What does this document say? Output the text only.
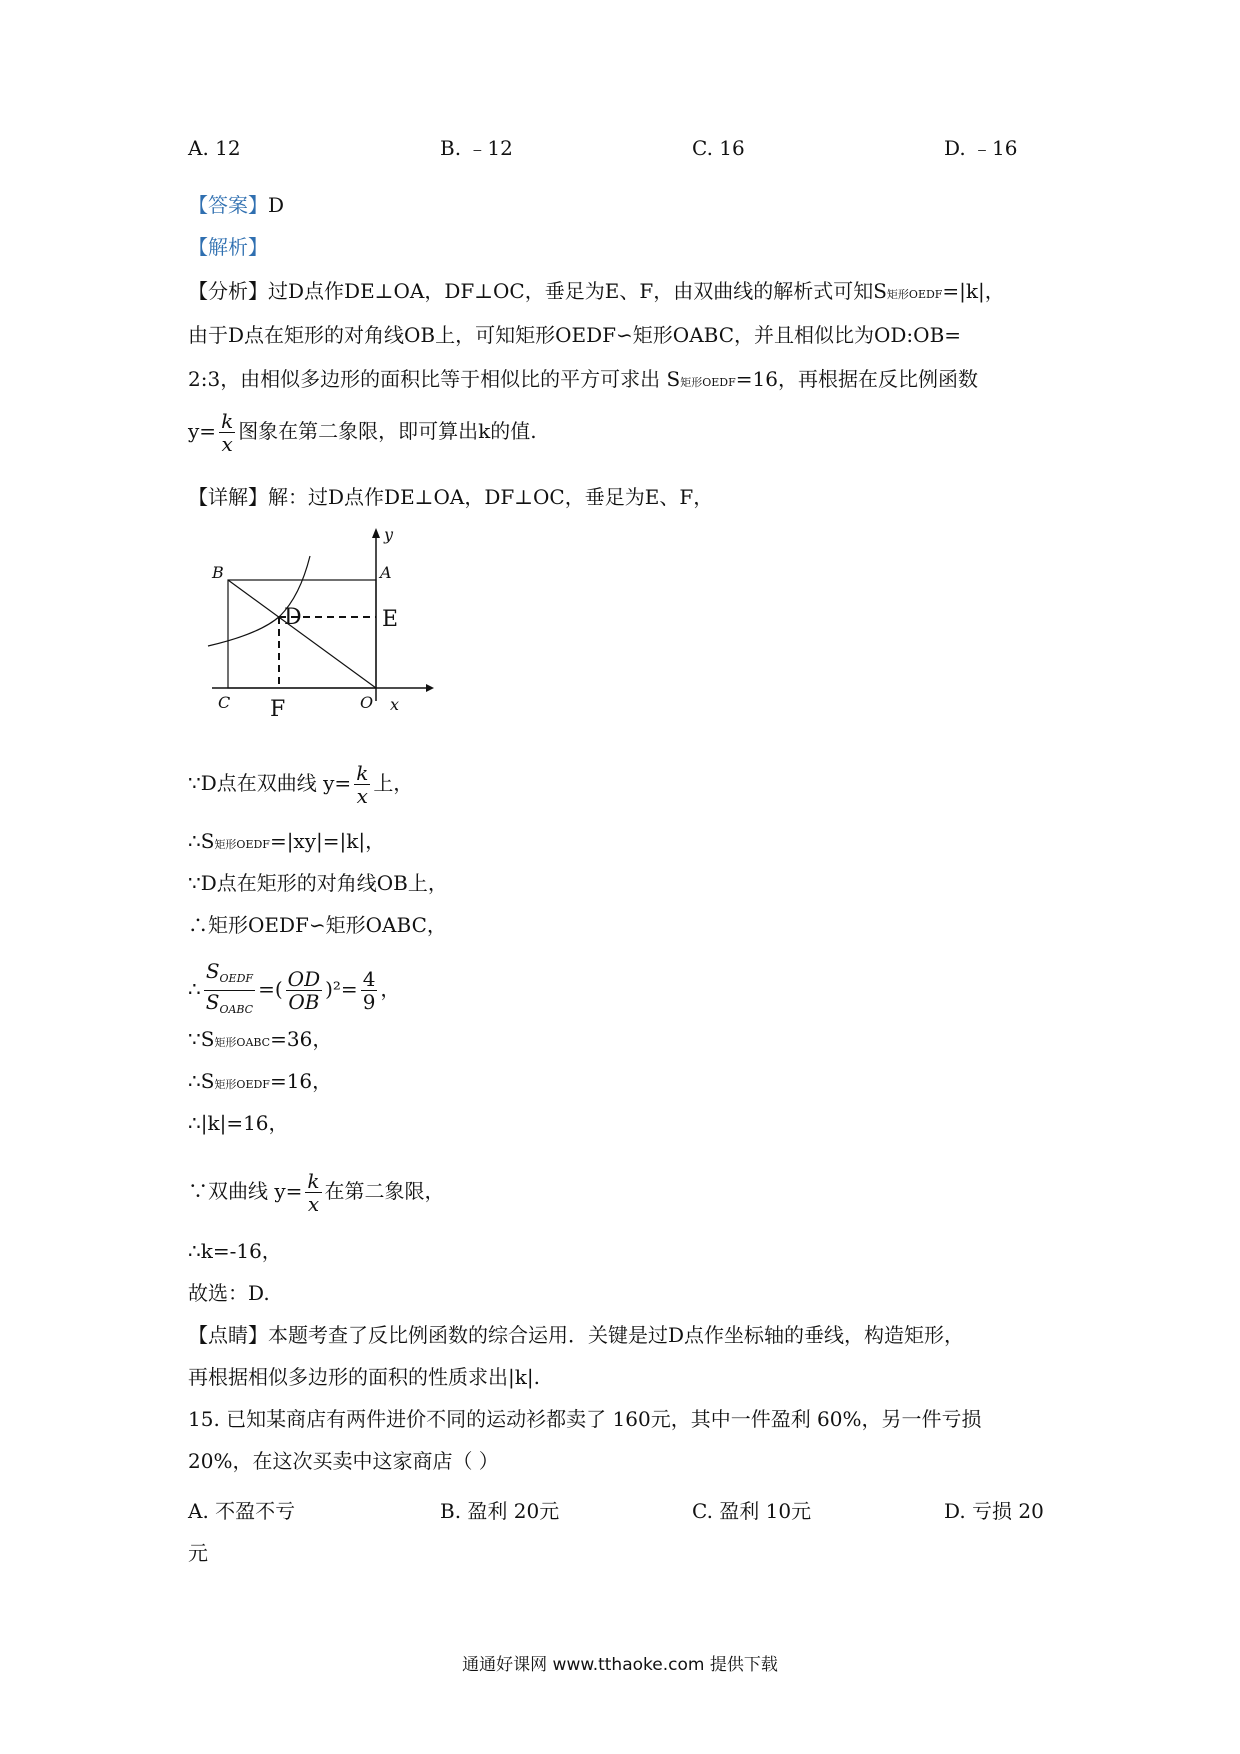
A. 12	B. ﹣12	C. 16	D. ﹣16
【答案】D
【解析】
【分析】过D点作DE⊥OA，DF⊥OC，垂足为E、F，由双曲线的解析式可知S矩形OEDF=|k|，
由于D点在矩形的对角线OB上，可知矩形OEDF∽矩形OABC，并且相似比为OD:OB=
2:3，由相似多边形的面积比等于相似比的平方可求出 S矩形OEDF=16，再根据在反比例函数
$y= \frac{k}{x}$ 图象在第二象限，即可算出k的值.
【详解】解：过D点作DE⊥OA，DF⊥OC，垂足为E、F，
B	A
D	E
C F	O x
y
∵D点在双曲线 $y= \frac{k}{x}$ 上，
∴S矩形OEDF=|xy|=|k|，
∵D点在矩形的对角线OB上，
∴矩形OEDF∽矩形OABC，
∴ $\frac{S_{OEDF}}{S_{OABC}}$ =( $\frac{OD}{OB} )^2= \frac{4}{9}$ ，
∵S矩形OABC=36，
∴S矩形OEDF=16，
∴|k|=16，
∵双曲线 $y= \frac{k}{x}$ 在第二象限，
∴k=-16，
故选：D.
【点睛】本题考查了反比例函数的综合运用．关键是过D点作坐标轴的垂线，构造矩形，
再根据相似多边形的面积的性质求出|k|.
15. 已知某商店有两件进价不同的运动衫都卖了 160元，其中一件盈利 60%，另一件亏损
20%，在这次买卖中这家商店（ ）
A. 不盈不亏	B. 盈利 20元	C. 盈利 10元	D. 亏损 20
元
通通好课网 www.tthaoke.com 提供下载
